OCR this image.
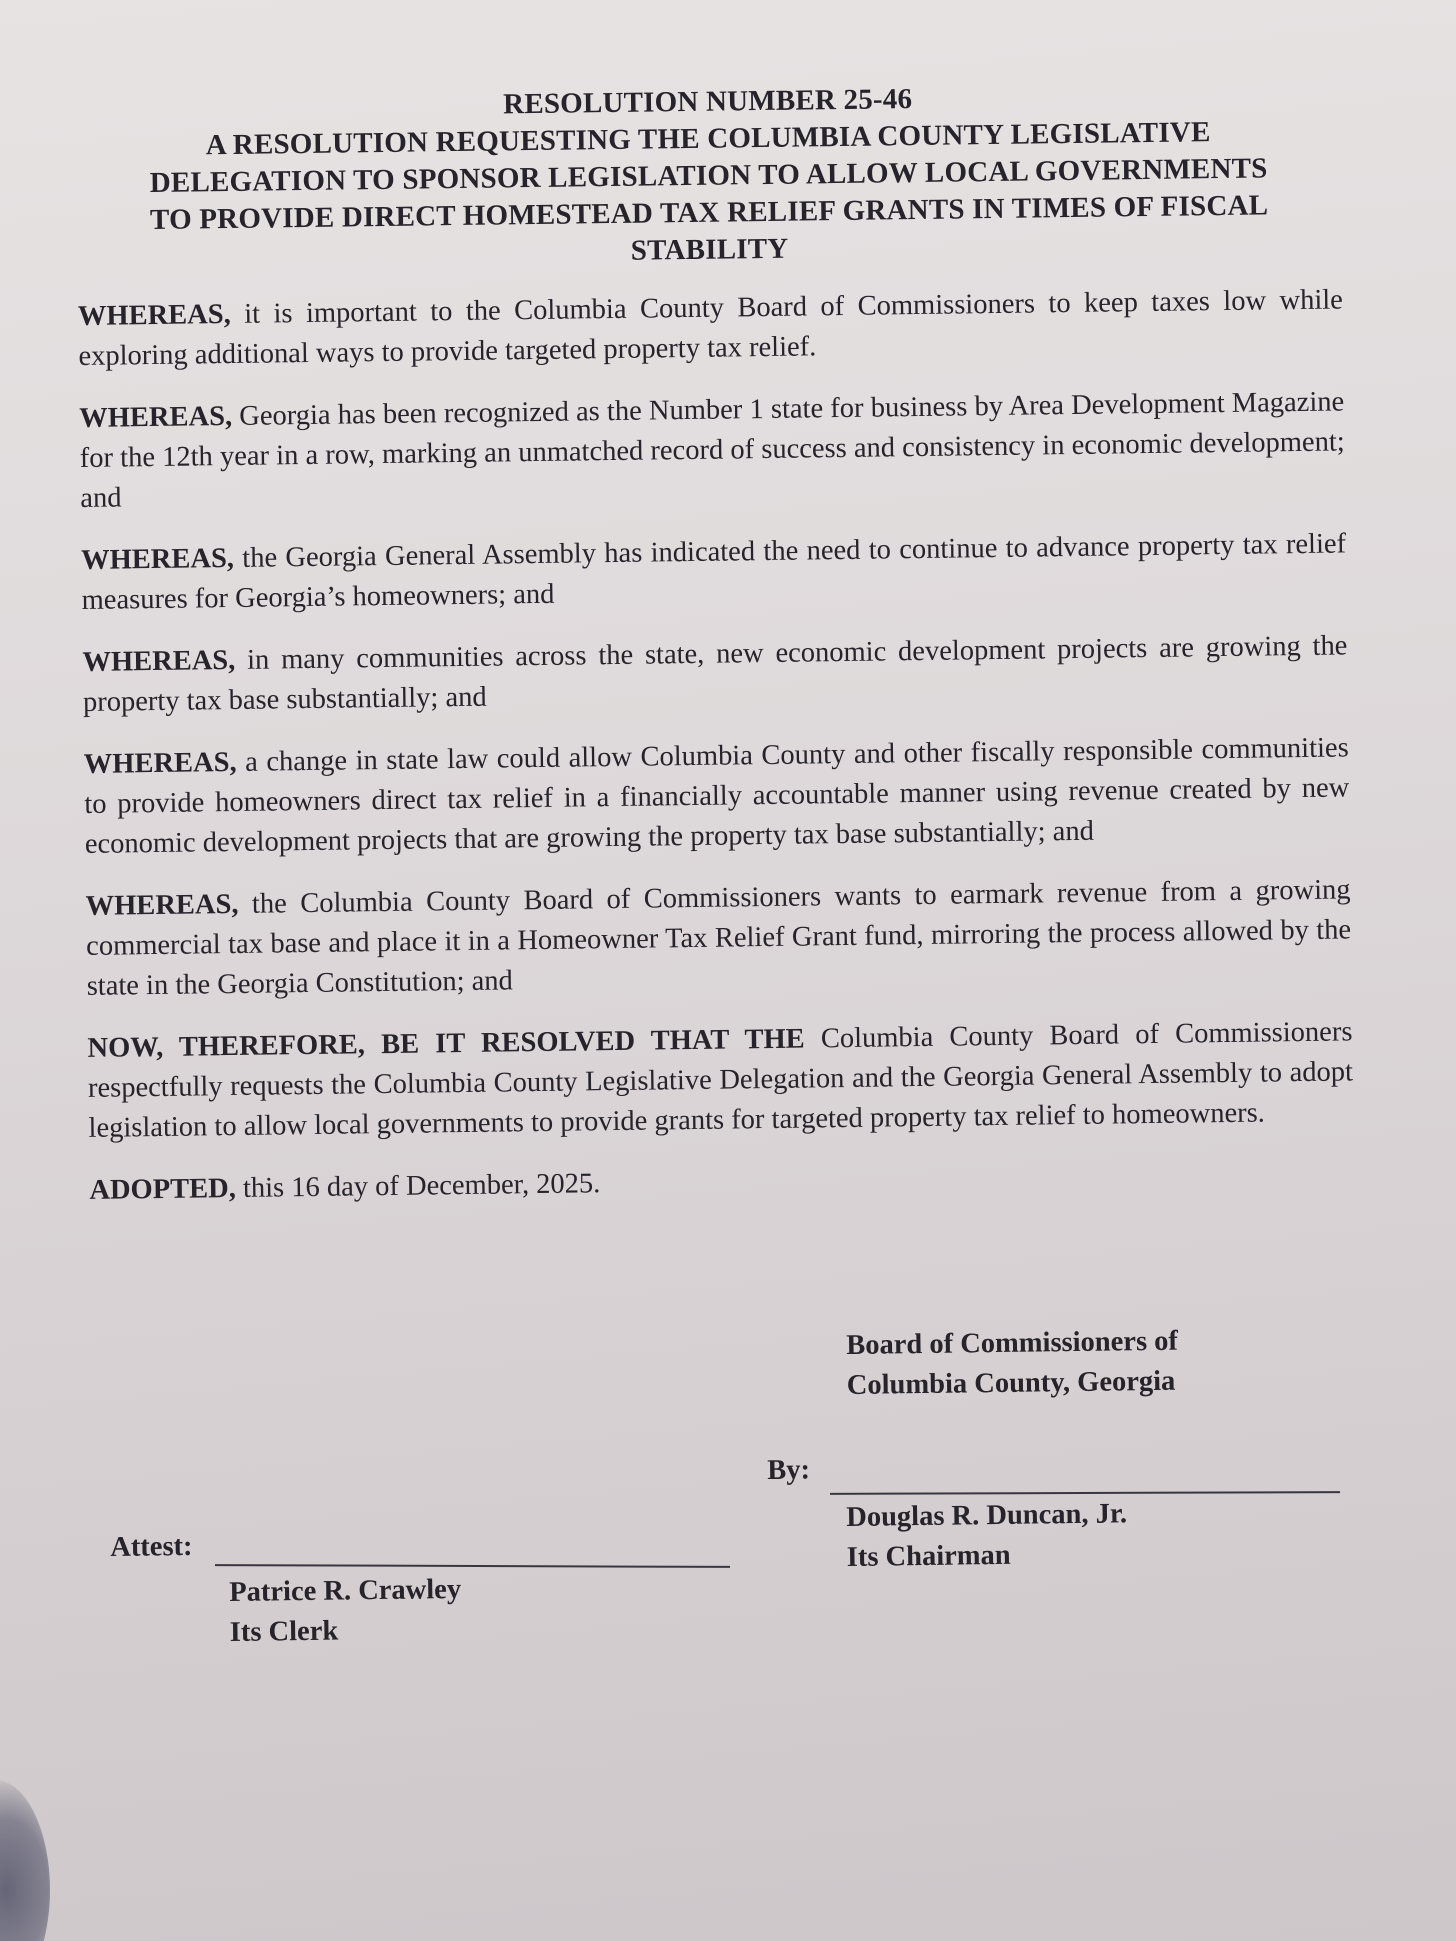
RESOLUTION NUMBER 25-46
A RESOLUTION REQUESTING THE COLUMBIA COUNTY LEGISLATIVE
DELEGATION TO SPONSOR LEGISLATION TO ALLOW LOCAL GOVERNMENTS
TO PROVIDE DIRECT HOMESTEAD TAX RELIEF GRANTS IN TIMES OF FISCAL
STABILITY

WHEREAS, it is important to the Columbia County Board of Commissioners to keep taxes low while exploring additional ways to provide targeted property tax relief.

WHEREAS, Georgia has been recognized as the Number 1 state for business by Area Development Magazine for the 12th year in a row, marking an unmatched record of success and consistency in economic development; and

WHEREAS, the Georgia General Assembly has indicated the need to continue to advance property tax relief measures for Georgia’s homeowners; and

WHEREAS, in many communities across the state, new economic development projects are growing the property tax base substantially; and

WHEREAS, a change in state law could allow Columbia County and other fiscally responsible communities to provide homeowners direct tax relief in a financially accountable manner using revenue created by new economic development projects that are growing the property tax base substantially; and

WHEREAS, the Columbia County Board of Commissioners wants to earmark revenue from a growing commercial tax base and place it in a Homeowner Tax Relief Grant fund, mirroring the process allowed by the state in the Georgia Constitution; and

NOW, THEREFORE, BE IT RESOLVED THAT THE Columbia County Board of Commissioners respectfully requests the Columbia County Legislative Delegation and the Georgia General Assembly to adopt legislation to allow local governments to provide grants for targeted property tax relief to homeowners.

ADOPTED, this 16 day of December, 2025.

Board of Commissioners of
Columbia County, Georgia
By:
Douglas R. Duncan, Jr.
Its Chairman
Attest:
Patrice R. Crawley
Its Clerk
